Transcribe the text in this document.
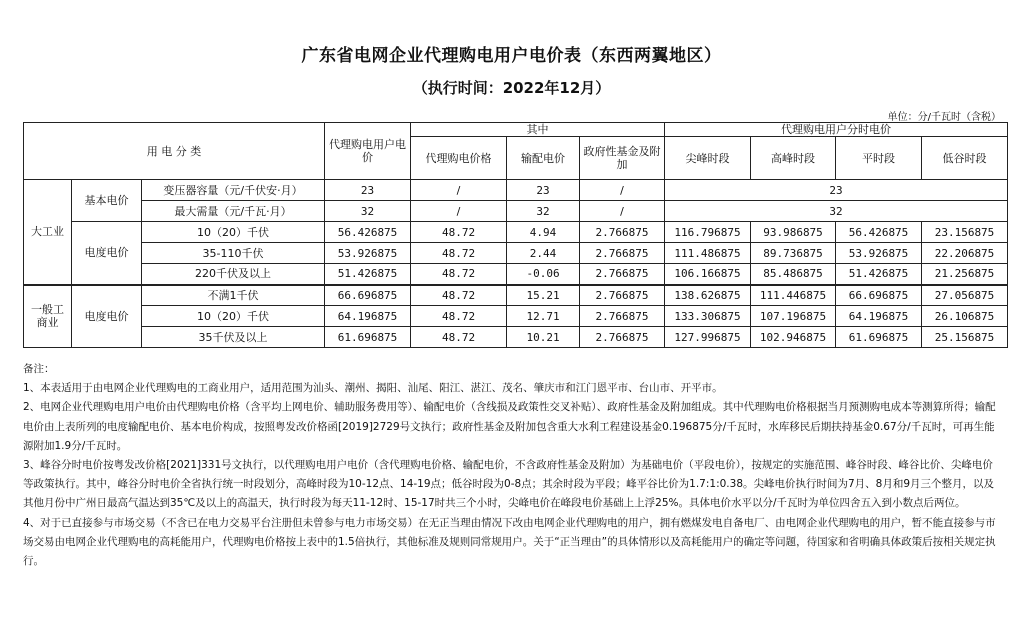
广东省电网企业代理购电用户电价表（东西两翼地区）
（执行时间：2022年12月）
单位：分/千瓦时（含税）
用 电 分 类			代理购电用户电价	其中			代理购电用户分时电价			
				代理购电价格	输配电价	政府性基金及附加	尖峰时段	高峰时段	平时段	低谷时段
大工业	基本电价	变压器容量（元/千伏安·月）	23	/	23	/	23			
		最大需量（元/千瓦·月）	32	/	32	/	32			
	电度电价	10（20）千伏	56.426875	48.72	4.94	2.766875	116.796875	93.986875	56.426875	23.156875
		35-110千伏	53.926875	48.72	2.44	2.766875	111.486875	89.736875	53.926875	22.206875
		220千伏及以上	51.426875	48.72	-0.06	2.766875	106.166875	85.486875	51.426875	21.256875
一般工商业	电度电价	不满1千伏	66.696875	48.72	15.21	2.766875	138.626875	111.446875	66.696875	27.056875
		10（20）千伏	64.196875	48.72	12.71	2.766875	133.306875	107.196875	64.196875	26.106875
		35千伏及以上	61.696875	48.72	10.21	2.766875	127.996875	102.946875	61.696875	25.156875

备注：

1、本表适用于由电网企业代理购电的工商业用户，适用范围为汕头、潮州、揭阳、汕尾、阳江、湛江、茂名、肇庆市和江门恩平市、台山市、开平市。

2、电网企业代理购电用户电价由代理购电价格（含平均上网电价、辅助服务费用等）、输配电价（含线损及政策性交叉补贴）、政府性基金及附加组成。其中代理购电价格根据当月预测购电成本等测算所得；输配电价由上表所列的电度输配电价、基本电价构成，按照粤发改价格函[2019]2729号文执行；政府性基金及附加包含重大水利工程建设基金0.196875分/千瓦时，水库移民后期扶持基金0.67分/千瓦时，可再生能源附加1.9分/千瓦时。

3、峰谷分时电价按粤发改价格[2021]331号文执行，以代理购电用户电价（含代理购电价格、输配电价，不含政府性基金及附加）为基础电价（平段电价），按规定的实施范围、峰谷时段、峰谷比价、尖峰电价等政策执行。其中，峰谷分时电价全省执行统一时段划分，高峰时段为10-12点、14-19点；低谷时段为0-8点；其余时段为平段；峰平谷比价为1.7:1:0.38。尖峰电价执行时间为7月、8月和9月三个整月，以及其他月份中广州日最高气温达到35℃及以上的高温天，执行时段为每天11-12时、15-17时共三个小时，尖峰电价在峰段电价基础上上浮25%。具体电价水平以分/千瓦时为单位四舍五入到小数点后两位。

4、对于已直接参与市场交易（不含已在电力交易平台注册但未曾参与电力市场交易）在无正当理由情况下改由电网企业代理购电的用户，拥有燃煤发电自备电厂、由电网企业代理购电的用户，暂不能直接参与市场交易由电网企业代理购电的高耗能用户，代理购电价格按上表中的1.5倍执行，其他标准及规则同常规用户。关于“正当理由”的具体情形以及高耗能用户的确定等问题，待国家和省明确具体政策后按相关规定执行。
